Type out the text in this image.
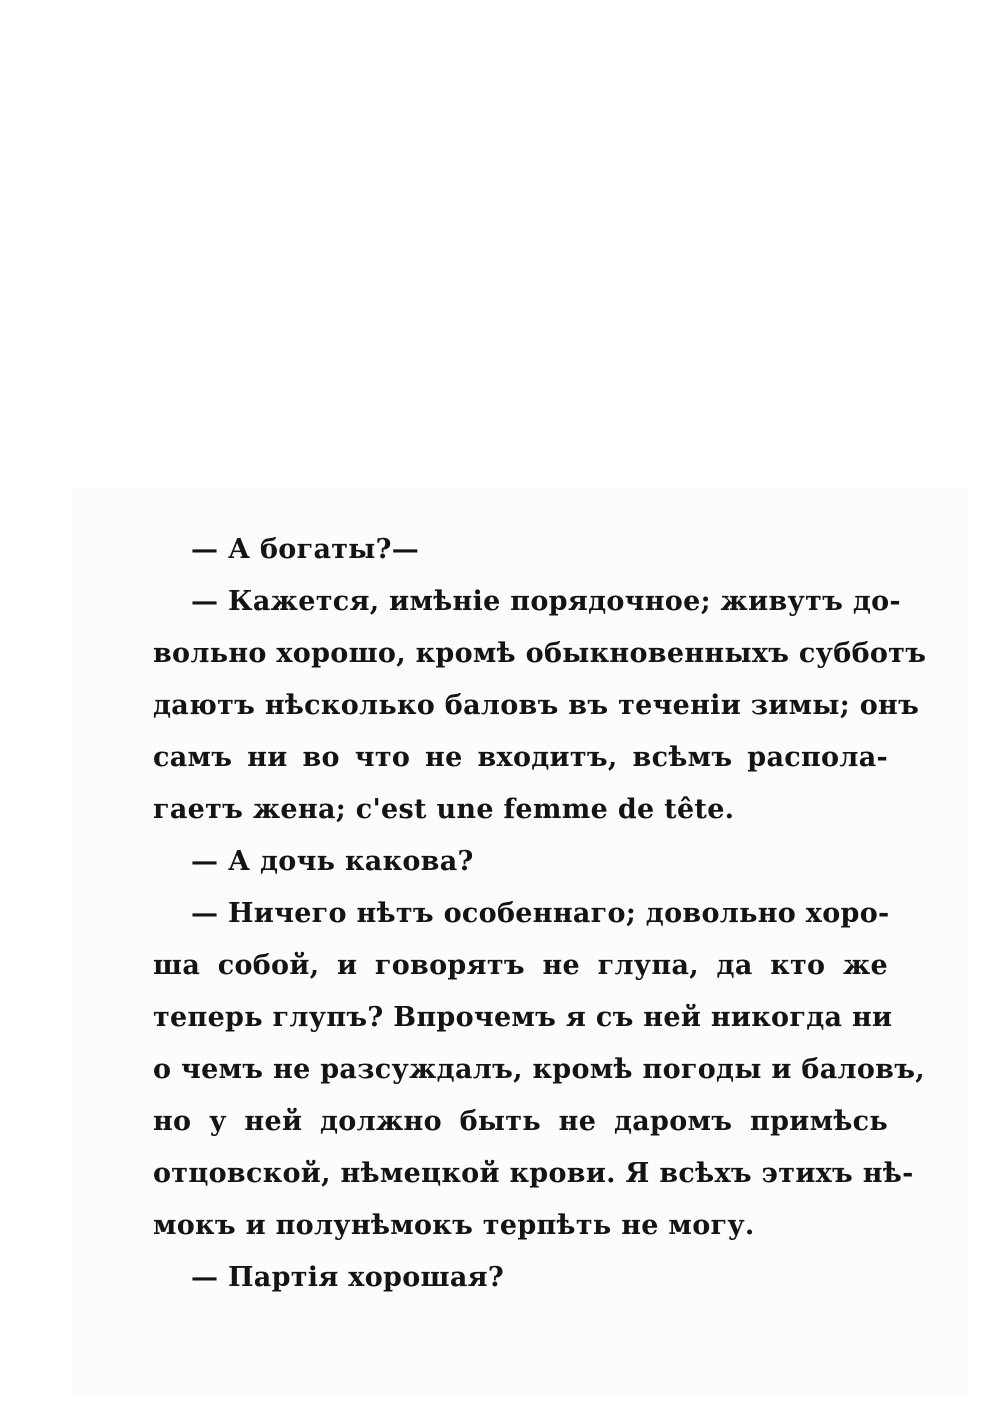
— А богаты?—
— Кажется, имѣніе порядочное; живутъ до-
вольно хорошо, кромѣ обыкновенныхъ субботъ
даютъ нѣсколько баловъ въ теченіи зимы; онъ
самъ ни во что не входитъ, всѣмъ распола-
гаетъ жена; c'est une femme de tête.
— А дочь какова?
— Ничего нѣтъ особеннаго; довольно хоро-
ша собой, и говорятъ не глупа, да кто же
теперь глупъ? Впрочемъ я съ ней никогда ни
о чемъ не разсуждалъ, кромѣ погоды и баловъ,
но у ней должно быть не даромъ примѣсь
отцовской, нѣмецкой крови. Я всѣхъ этихъ нѣ-
мокъ и полунѣмокъ терпѣть не могу.
— Партія хорошая?
